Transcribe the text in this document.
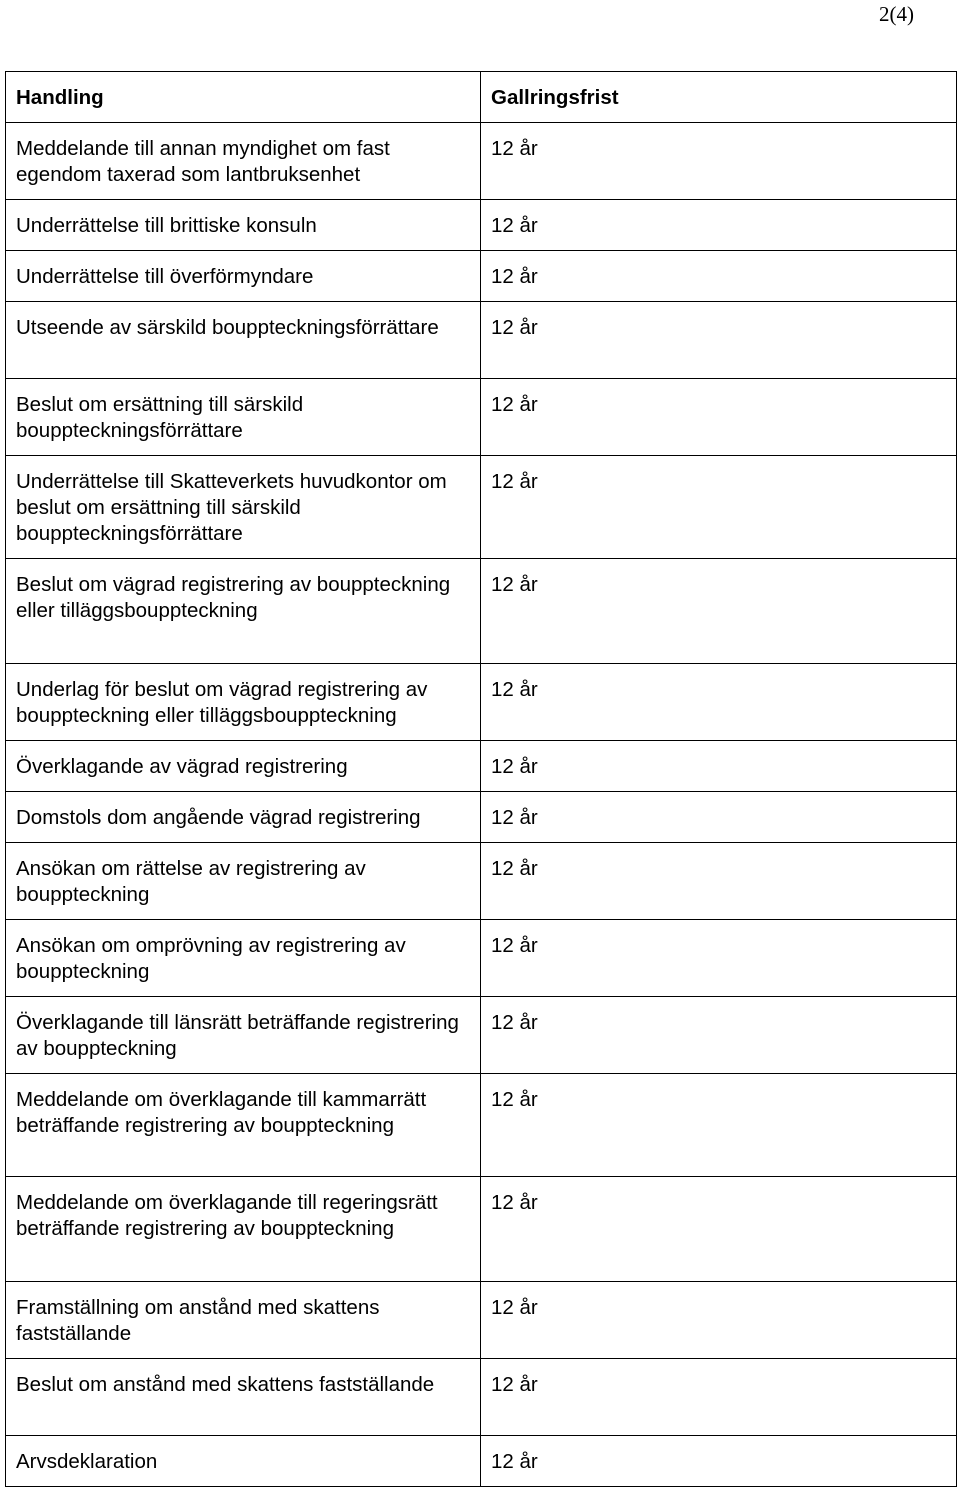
2(4)
Handling	Gallringsfrist
Meddelande till annan myndighet om fast egendom taxerad som lantbruksenhet	12 år
Underrättelse till brittiske konsuln	12 år
Underrättelse till överförmyndare	12 år
Utseende av särskild bouppteckningsförrättare	12 år
Beslut om ersättning till särskild bouppteckningsförrättare	12 år
Underrättelse till Skatteverkets huvudkontor om beslut om ersättning till särskild bouppteckningsförrättare	12 år
Beslut om vägrad registrering av bouppteckning eller tilläggsbouppteckning	12 år
Underlag för beslut om vägrad registrering av bouppteckning eller tilläggsbouppteckning	12 år
Överklagande av vägrad registrering	12 år
Domstols dom angående vägrad registrering	12 år
Ansökan om rättelse av registrering av bouppteckning	12 år
Ansökan om omprövning av registrering av bouppteckning	12 år
Överklagande till länsrätt beträffande registrering av bouppteckning	12 år
Meddelande om överklagande till kammarrätt beträffande registrering av bouppteckning	12 år
Meddelande om överklagande till regeringsrätt beträffande registrering av bouppteckning	12 år
Framställning om anstånd med skattens fastställande	12 år
Beslut om anstånd med skattens fastställande	12 år
Arvsdeklaration	12 år
